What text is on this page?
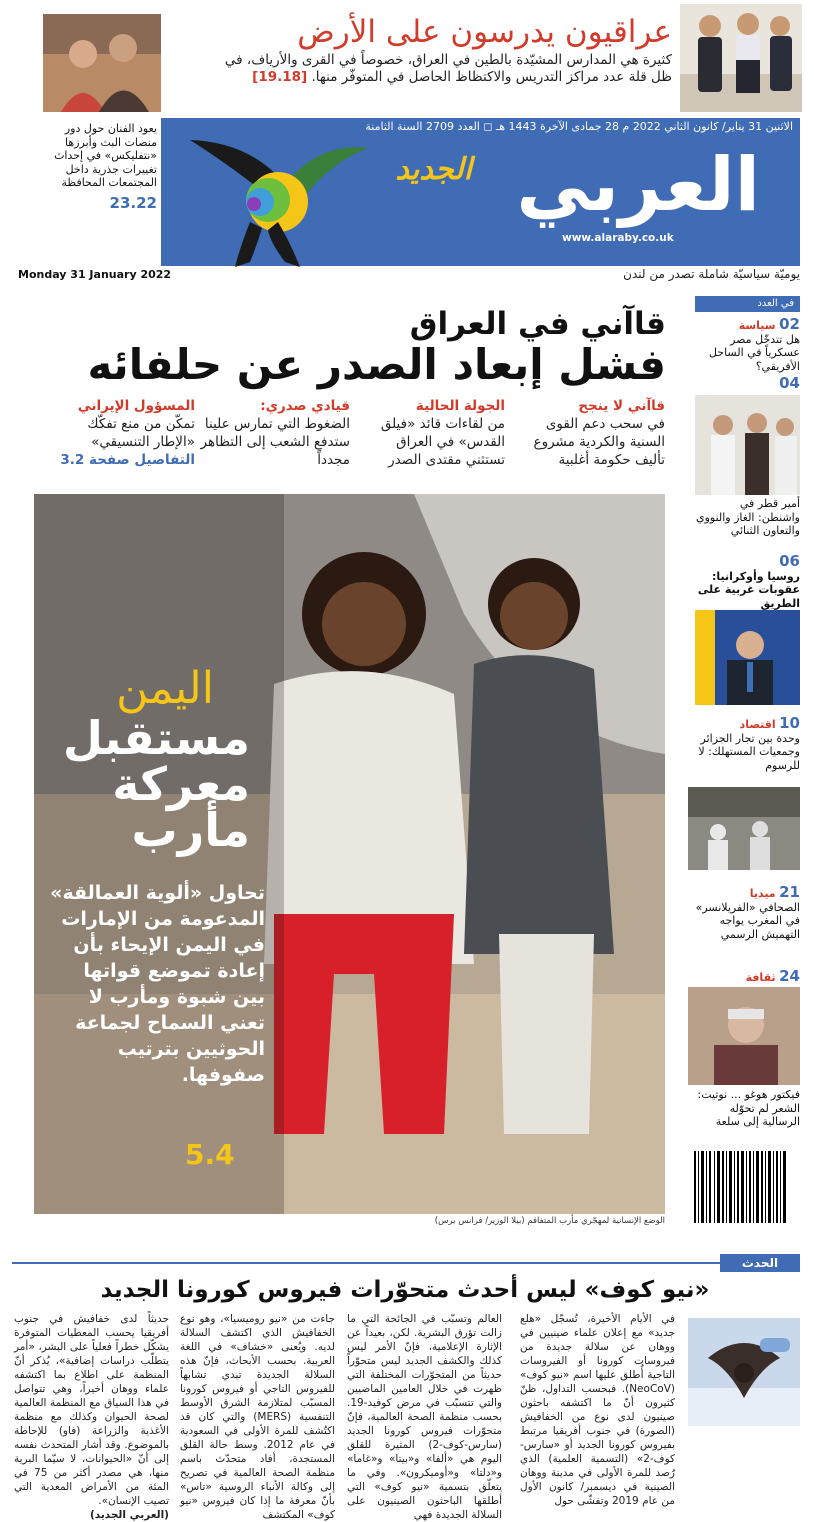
عراقيون يدرسون على الأرض
كثيرة هي المدارس المشيّدة بالطين في العراق، خصوصاً في القرى والأرياف، في ظل قلة عدد مراكز التدريس والاكتظاظ الحاصل في المتوفّر منها. [19.18]
الاثنين 31 يناير/ كانون الثاني 2022 م 28 جمادى الآخرة 1443 هـ ◻ العدد 2709 السنة الثامنة
يعود الفنان حول دور منصات البث وأبرزها «نتفليكس» في إحداث تغييرات جذرية داخل المجتمعات المحافظة
23.22	العربي
الجديد
www.alaraby.co.uk
يوميّة سياسيّة شاملة تصدر من لندن
Monday 31 January 2022
قاآني في العراق
فشل إبعاد الصدر عن حلفائه
قاآني لا ينجح
في سحب دعم القوى السنية والكردية مشروع تأليف حكومة أغلبية
الجولة الحالية
من لقاءات قائد «فيلق القدس» في العراق تستثني مقتدى الصدر
قيادي صدري:
الضغوط التي تمارس علينا ستدفع الشعب إلى التظاهر مجدداً
المسؤول الإيراني
تمكّن من منع تفكّك «الإطار التنسيقي»
التفاصيل صفحة 3.2
في العدد
02 سياسة
هل تتدخّل مصر عسكرياً في الساحل الأفريقي؟
04
أمير قطر في واشنطن: الغاز والنووي والتعاون الثنائي
06
روسيا وأوكرانيا: عقوبات غربية على الطريق
10 اقتصاد
وحدة بين تجار الجزائر وجمعيات المستهلك: لا للرسوم
21 ميديا
الصحافي «الفريلانسر» في المغرب يواجه التهميش الرسمي
24 ثقافة
فيكتور هوغو ... نوتيت: الشعر لم تحوّله الرسالية إلى سلعة
اليمن
مستقبل معركة مأرب
تحاول «ألوية العمالقة» المدعومة من الإمارات في اليمن الإيحاء بأن إعادة تموضع قواتها بين شبوة ومأرب لا تعني السماح لجماعة الحوثيين بترتيب صفوفها.
5.4
الوضع الإنسانية لمهجّري مأرب المتفاقم (بيلا الوزير/ فرانس برس)
الحدث
«نيو كوف» ليس أحدث متحوّرات فيروس كورونا الجديد
في الأيام الأخيرة، تُسجّل «هلع جديد» مع إعلان علماء صينيين في ووهان عن سلالة جديدة من فيروسات كورونا أو الفيروسات التاجية أُطلق عليها اسم «نيو كوف» (NeoCoV). فبحسب التداول، ظنّ كثيرون أنّ ما اكتشفه باحثون صينيون لدى نوع من الخفافيش (الصورة) في جنوب أفريقيا مرتبط بفيروس كورونا الجديد أو «سارس-كوف-2» (التسمية العلمية) الذي رُصد للمرة الأولى في مدينة ووهان الصينية في ديسمبر/ كانون الأول من عام 2019 وتفشّى حول
العالم وتسبّب في الجائحة التي ما زالت تؤرق البشرية. لكن، بعيداً عن الإثارة الإعلامية، فإنّ الأمر ليس كذلك والكشف الجديد ليس متحوّراً حديثاً من المتحوّرات المختلفة التي ظهرت في خلال العامين الماضيين والتي تتسبّب في مرض كوفيد-19. بحسب منظمة الصحة العالمية، فإنّ متحوّرات فيروس كورونا الجديد (سارس-كوف-2) المثيرة للقلق اليوم هي «ألفا» و«بيتا» و«غاما» و«دلتا» و«أوميكرون». وفي ما يتعلّق بتسمية «نيو كوف» التي أطلقها الباحثون الصينيون على السلالة الجديدة فهي
جاءت من «نيو روميسيا»، وهو نوع الخفافيش الذي اكتشف السلالة لديه. ويُعنى «خشاف» في اللغة العربية. بحسب الأبحاث، فإنّ هذه السلالة الجديدة تبدي تشابهاً للفيروس التاجي أو فيروس كورونا المسبّب لمتلازمة الشرق الأوسط التنفسية (MERS) والتي كان قد اكتُشف للمرة الأولى في السعودية في عام 2012. وسط حالة القلق المستجدة، أفاد متحدّث باسم منظمة الصحة العالمية في تصريح إلى وكالة الأنباء الروسية «تاس» بأنّ معرفة ما إذا كان فيروس «نيو كوف» المكتشف
حديثاً لدى خفافيش في جنوب أفريقيا يحسب المعطيات المتوفرة يشكّل خطراً فعلياً على البشر، «أمر يتطلّب دراسات إضافية»، يُذكر أنّ المنظمة على اطلاع بما اكتشفه علماء ووهان أخيراً، وهي تتواصل في هذا السياق مع المنظمة العالمية لصحة الحيوان وكذلك مع منظمة الأغذية والزراعة (فاو) للإحاطة بالموضوع. وقد أشار المتحدث نفسه إلى أنّ «الحيوانات، لا سيّما البرية منها، هي مصدر أكثر من 75 في المئة من الأمراض المعدية التي تصيب الإنسان».
(العربي الجديد)
